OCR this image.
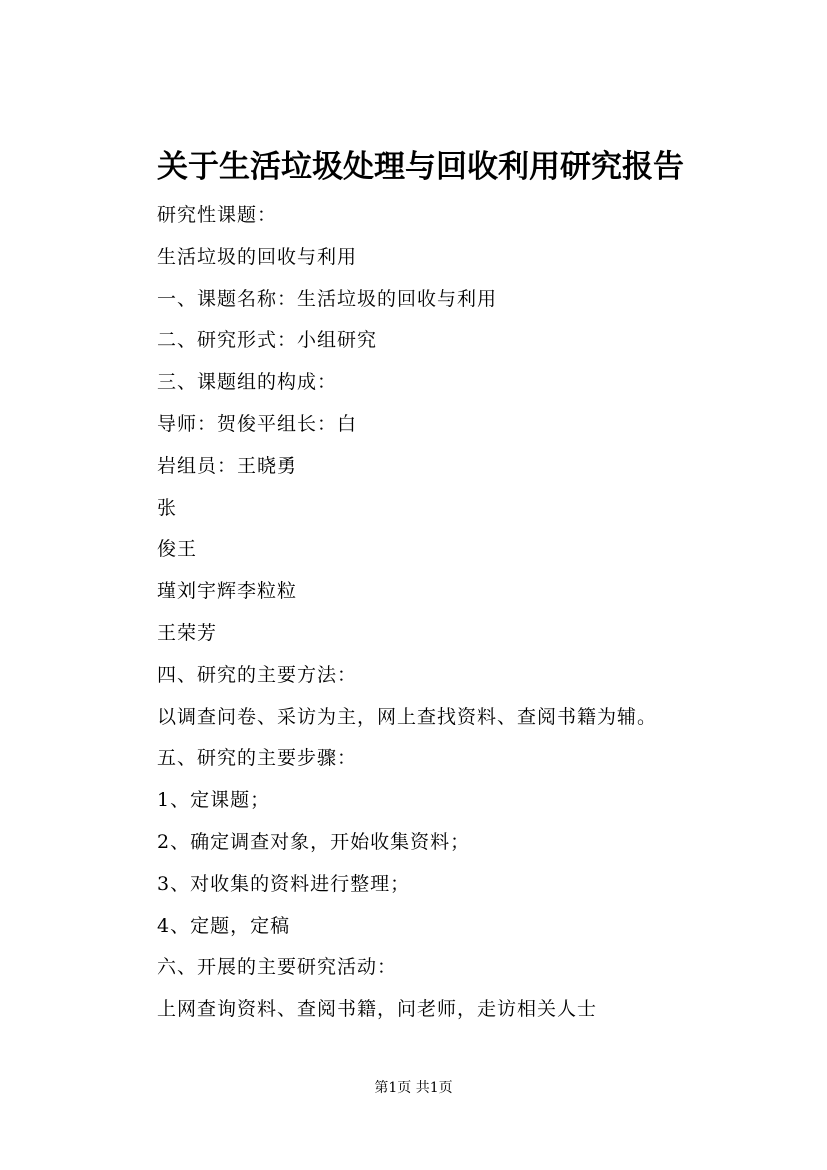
关于生活垃圾处理与回收利用研究报告
研究性课题：
生活垃圾的回收与利用
一、课题名称：生活垃圾的回收与利用
二、研究形式：小组研究
三、课题组的构成：
导师：贺俊平组长：白
岩组员：王晓勇
张
俊王
瑾刘宇辉李粒粒
王荣芳
四、研究的主要方法：
以调查问卷、采访为主，网上查找资料、查阅书籍为辅。
五、研究的主要步骤：
1、定课题；
2、确定调查对象，开始收集资料；
3、对收集的资料进行整理；
4、定题，定稿
六、开展的主要研究活动：
上网查询资料、查阅书籍，问老师，走访相关人士
第1页 共1页
